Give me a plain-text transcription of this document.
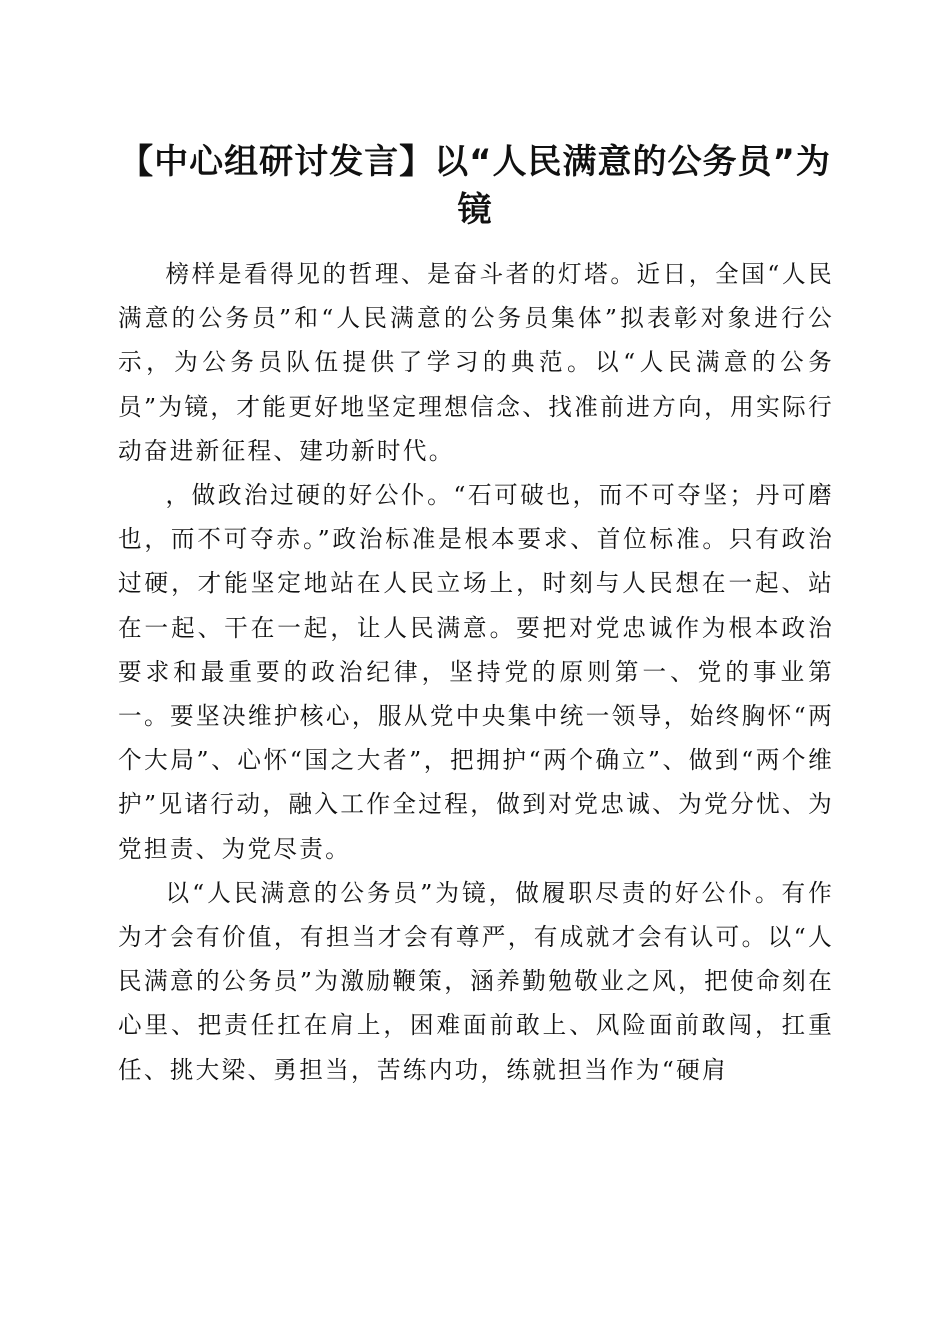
【中心组研讨发言】以“人民满意的公务员”为镜

榜样是看得见的哲理、是奋斗者的灯塔。近日，全国“人民满意的公务员”和“人民满意的公务员集体”拟表彰对象进行公示，为公务员队伍提供了学习的典范。以“人民满意的公务员”为镜，才能更好地坚定理想信念、找准前进方向，用实际行动奋进新征程、建功新时代。

，做政治过硬的好公仆。“石可破也，而不可夺坚；丹可磨也，而不可夺赤。”政治标准是根本要求、首位标准。只有政治过硬，才能坚定地站在人民立场上，时刻与人民想在一起、站在一起、干在一起，让人民满意。要把对党忠诚作为根本政治要求和最重要的政治纪律，坚持党的原则第一、党的事业第一。要坚决维护核心，服从党中央集中统一领导，始终胸怀“两个大局”、心怀“国之大者”，把拥护“两个确立”、做到“两个维护”见诸行动，融入工作全过程，做到对党忠诚、为党分忧、为党担责、为党尽责。

以“人民满意的公务员”为镜，做履职尽责的好公仆。有作为才会有价值，有担当才会有尊严，有成就才会有认可。以“人民满意的公务员”为激励鞭策，涵养勤勉敬业之风，把使命刻在心里、把责任扛在肩上，困难面前敢上、风险面前敢闯，扛重任、挑大梁、勇担当，苦练内功，练就担当作为“硬肩
